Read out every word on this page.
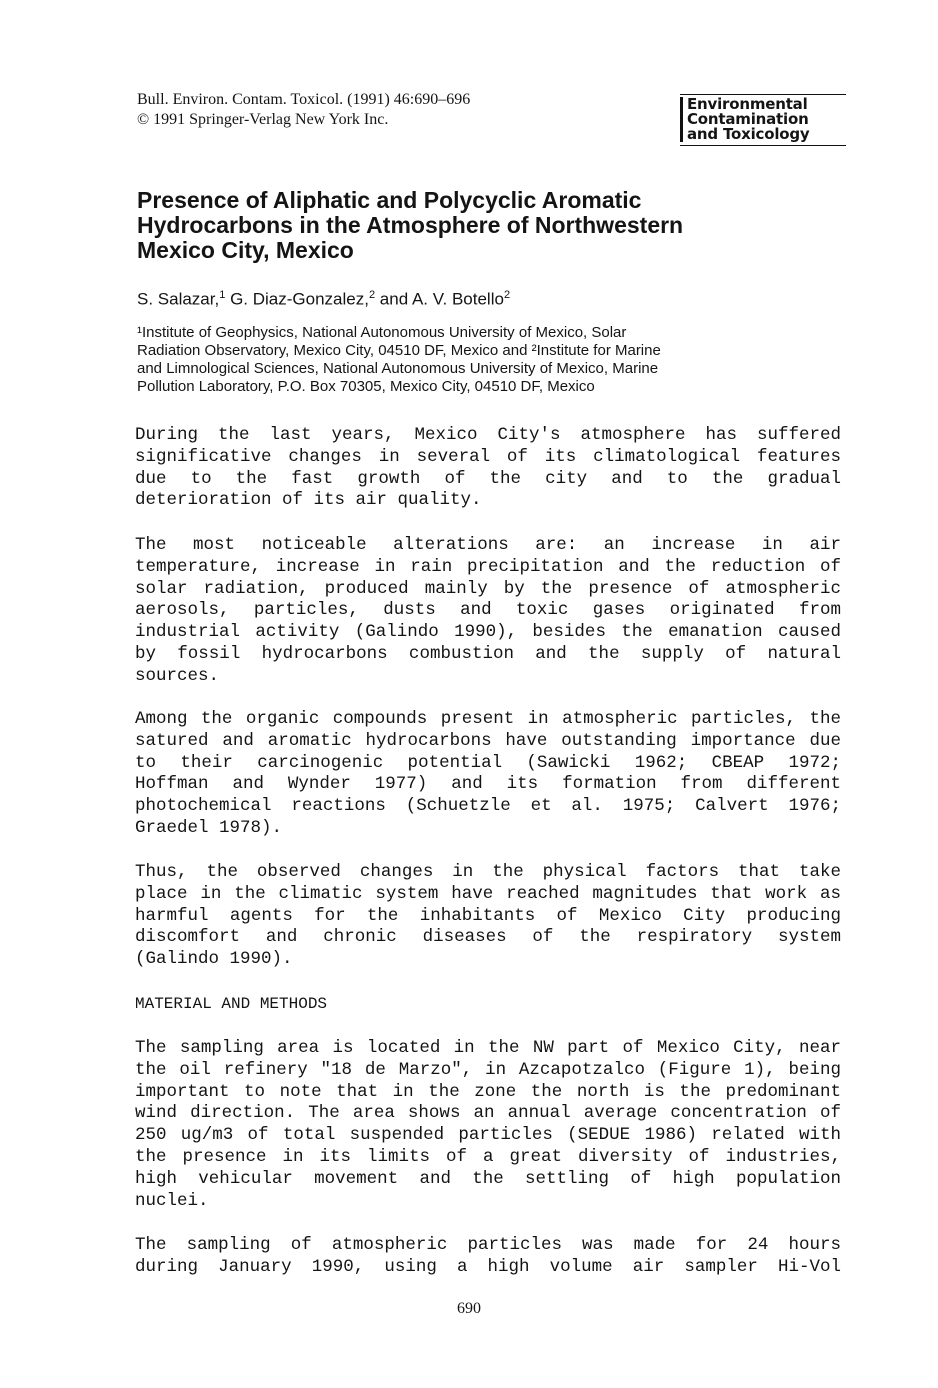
Bull. Environ. Contam. Toxicol. (1991) 46:690–696
© 1991 Springer-Verlag New York Inc.
Environmental
Contamination
and Toxicology
Presence of Aliphatic and Polycyclic Aromatic
Hydrocarbons in the Atmosphere of Northwestern
Mexico City, Mexico
S. Salazar,$^1$ G. Diaz-Gonzalez,$^2$ and A. V. Botello$^2$
¹Institute of Geophysics, National Autonomous University of Mexico, Solar
Radiation Observatory, Mexico City, 04510 DF, Mexico and ²Institute for Marine
and Limnological Sciences, National Autonomous University of Mexico, Marine
Pollution Laboratory, P.O. Box 70305, Mexico City, 04510 DF, Mexico
During the last years, Mexico City's atmosphere has suffered
significative changes in several of its climatological features
due to the fast growth of the city and to the gradual
deterioration of its air quality.
The most noticeable alterations are: an increase in air
temperature, increase in rain precipitation and the reduction of
solar radiation, produced mainly by the presence of atmospheric
aerosols, particles, dusts and toxic gases originated from
industrial activity (Galindo 1990), besides the emanation caused
by fossil hydrocarbons combustion and the supply of natural
sources.
Among the organic compounds present in atmospheric particles, the
satured and aromatic hydrocarbons have outstanding importance due
to their carcinogenic potential (Sawicki 1962; CBEAP 1972;
Hoffman and Wynder 1977) and its formation from different
photochemical reactions (Schuetzle et al. 1975; Calvert 1976;
Graedel 1978).
Thus, the observed changes in the physical factors that take
place in the climatic system have reached magnitudes that work as
harmful agents for the inhabitants of Mexico City producing
discomfort and chronic diseases of the respiratory system
(Galindo 1990).
MATERIAL AND METHODS
The sampling area is located in the NW part of Mexico City, near
the oil refinery "18 de Marzo", in Azcapotzalco (Figure 1), being
important to note that in the zone the north is the predominant
wind direction. The area shows an annual average concentration of
250 ug/m3 of total suspended particles (SEDUE 1986) related with
the presence in its limits of a great diversity of industries,
high vehicular movement and the settling of high population
nuclei.
The sampling of atmospheric particles was made for 24 hours
during January 1990, using a high volume air sampler Hi-Vol
690
